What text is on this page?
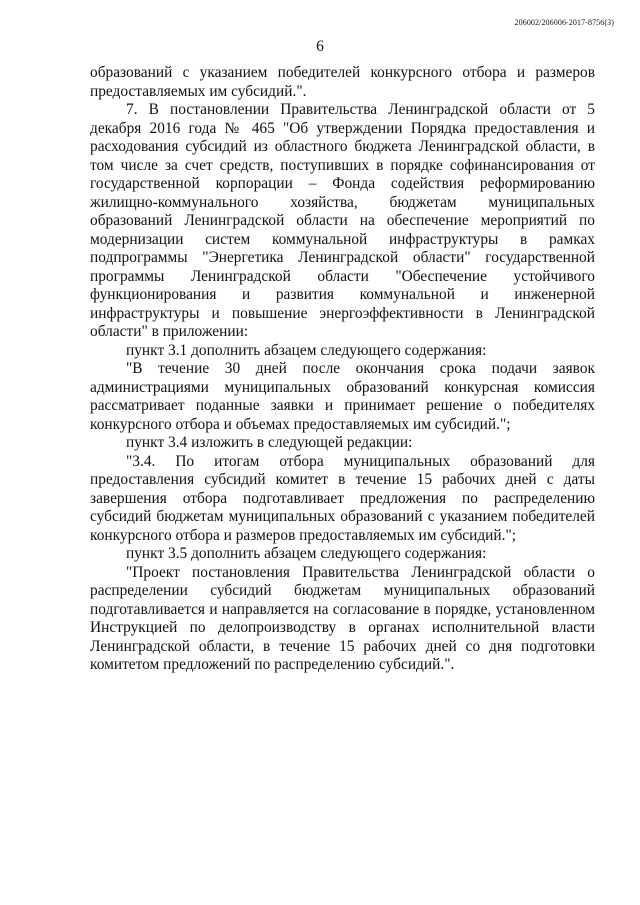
206002/206006-2017-8756(3)
6

образований с указанием победителей конкурсного отбора и размеров предоставляемых им субсидий.".

7. В постановлении Правительства Ленинградской области от 5 декабря 2016 года № 465 "Об утверждении Порядка предоставления и расходования субсидий из областного бюджета Ленинградской области, в том числе за счет средств, поступивших в порядке софинансирования от государственной корпорации – Фонда содействия реформированию жилищно-коммунального хозяйства, бюджетам муниципальных образований Ленинградской области на обеспечение мероприятий по модернизации систем коммунальной инфраструктуры в рамках подпрограммы "Энергетика Ленинградской области" государственной программы Ленинградской области "Обеспечение устойчивого функционирования и развития коммунальной и инженерной инфраструктуры и повышение энергоэффективности в Ленинградской области" в приложении:

пункт 3.1 дополнить абзацем следующего содержания:

"В течение 30 дней после окончания срока подачи заявок администрациями муниципальных образований конкурсная комиссия рассматривает поданные заявки и принимает решение о победителях конкурсного отбора и объемах предоставляемых им субсидий.";

пункт 3.4 изложить в следующей редакции:

"3.4. По итогам отбора муниципальных образований для предоставления субсидий комитет в течение 15 рабочих дней с даты завершения отбора подготавливает предложения по распределению субсидий бюджетам муниципальных образований с указанием победителей конкурсного отбора и размеров предоставляемых им субсидий.";

пункт 3.5 дополнить абзацем следующего содержания:

"Проект постановления Правительства Ленинградской области о распределении субсидий бюджетам муниципальных образований подготавливается и направляется на согласование в порядке, установленном Инструкцией по делопроизводству в органах исполнительной власти Ленинградской области, в течение 15 рабочих дней со дня подготовки комитетом предложений по распределению субсидий.".
